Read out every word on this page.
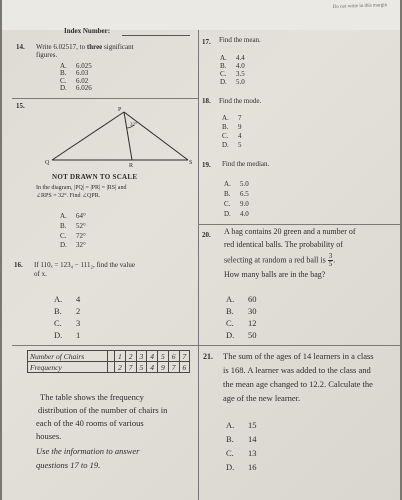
Do not write in this margin
Index Number:
14. Write 6.02517, to three significant
figures.
A. 6.025
B. 6.03
C. 6.02
D. 6.026
15.	P
Q	R	S
32°
NOT DRAWN TO SCALE
In the diagram, |PQ| = |PR| = |RS| and
∠RPS = 32°. Find ∠QPR.
A. 64°
B. 52°
C. 72°
D. 32°
16. If 110ₓ = 123₄ − 111₂, find the value
of x.
A. 4
B. 2
C. 3
D. 1
Number of Chairs		1	2	3	4	5	6	7
Frequency		2	7	5	4	9	7	6
The table shows the frequency
distribution of the number of chairs in
each of the 40 rooms of various
houses.
Use the information to answer
questions 17 to 19.
17. Find the mean.
A. 4.4
B. 4.0
C. 3.5
D. 5.0
18. Find the mode.
A. 7
B. 9
C. 4
D. 5
19. Find the median.
A. 5.0
B. 6.5
C. 9.0
D. 4.0
20. A bag contains 20 green and a number of
red identical balls. The probability of
selecting at random a red ball is $\frac{3}{5}$ .
How many balls are in the bag?
A. 60
B. 30
C. 12
D. 50
21. The sum of the ages of 14 learners in a class
is 168. A learner was added to the class and
the mean age changed to 12.2. Calculate the
age of the new learner.
A. 15
B. 14
C. 13
D. 16
